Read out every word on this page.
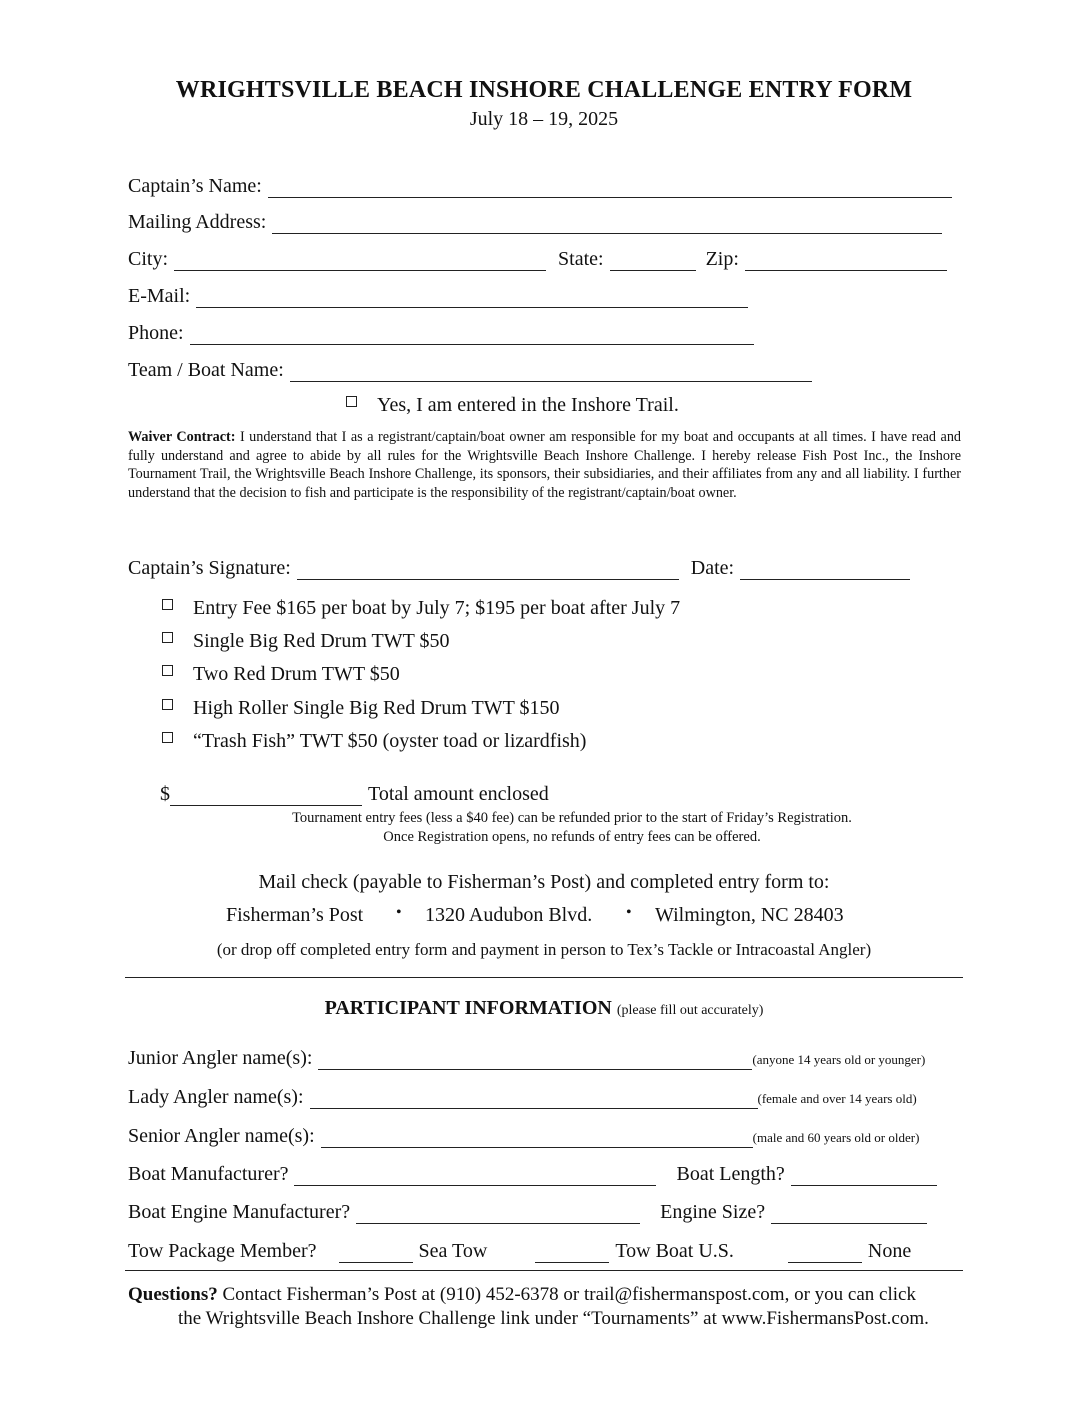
WRIGHTSVILLE BEACH INSHORE CHALLENGE ENTRY FORM
July 18 – 19, 2025
Captain’s Name:
Mailing Address:
City:	State:	Zip:
E-Mail:
Phone:
Team / Boat Name:
Yes, I am entered in the Inshore Trail.
Waiver Contract: I understand that I as a registrant/captain/boat owner am responsible for my boat and occupants at all times. I have read and fully understand and agree to abide by all rules for the Wrightsville Beach Inshore Challenge. I hereby release Fish Post Inc., the Inshore Tournament Trail, the Wrightsville Beach Inshore Challenge, its sponsors, their subsidiaries, and their affiliates from any and all liability. I further understand that the decision to fish and participate is the responsibility of the registrant/captain/boat owner.
Captain’s Signature:	Date:
Entry Fee $165 per boat by July 7; $195 per boat after July 7
Single Big Red Drum TWT $50
Two Red Drum TWT $50
High Roller Single Big Red Drum TWT $150
“Trash Fish” TWT $50 (oyster toad or lizardfish)
$	Total amount enclosed
Tournament entry fees (less a $40 fee) can be refunded prior to the start of Friday’s Registration.
Once Registration opens, no refunds of entry fees can be offered.
Mail check (payable to Fisherman’s Post) and completed entry form to:
Fisherman’s Post • 1320 Audubon Blvd. • Wilmington, NC 28403
(or drop off completed entry form and payment in person to Tex’s Tackle or Intracoastal Angler)
PARTICIPANT INFORMATION (please fill out accurately)
Junior Angler name(s):	(anyone 14 years old or younger)
Lady Angler name(s):	(female and over 14 years old)
Senior Angler name(s):	(male and 60 years old or older)
Boat Manufacturer?	Boat Length?
Boat Engine Manufacturer?	Engine Size?
Tow Package Member?	Sea Tow	Tow Boat U.S.	None
Questions? Contact Fisherman’s Post at (910) 452-6378 or trail@fishermanspost.com, or you can click
the Wrightsville Beach Inshore Challenge link under “Tournaments” at www.FishermansPost.com.
